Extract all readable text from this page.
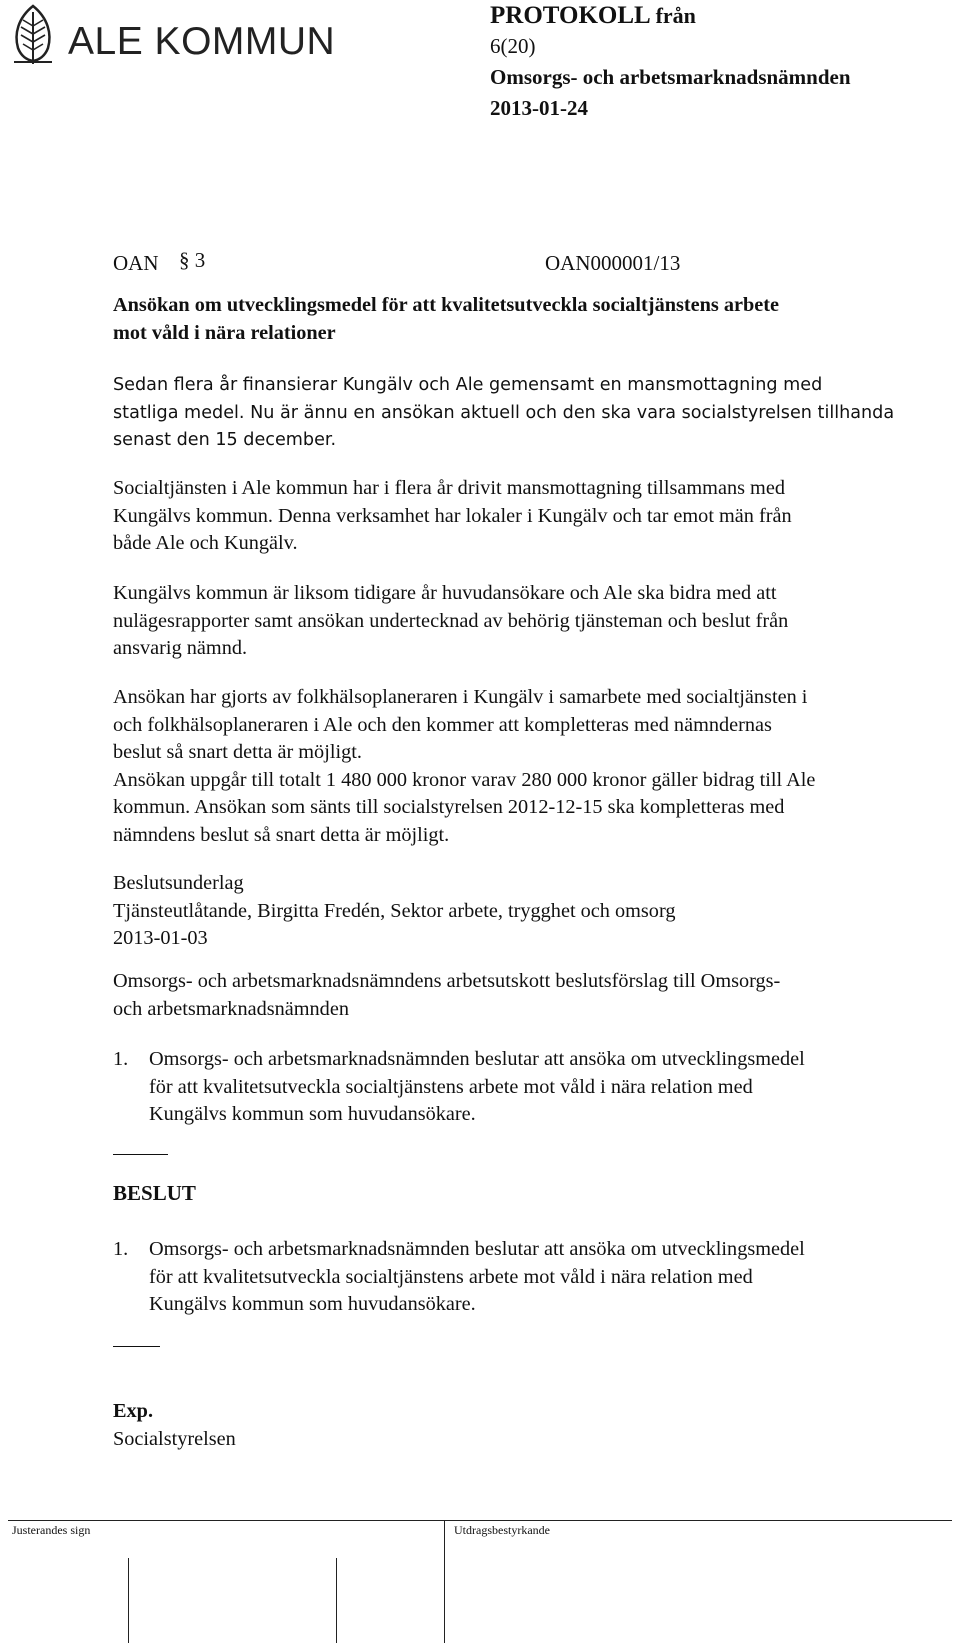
ALE KOMMUN
PROTOKOLL från
6(20)
Omsorgs- och arbetsmarknadsnämnden
2013-01-24
OAN § 3	OAN000001/13
Ansökan om utvecklingsmedel för att kvalitetsutveckla socialtjänstens arbete
mot våld i nära relationer
Sedan flera år finansierar Kungälv och Ale gemensamt en mansmottagning med
statliga medel. Nu är ännu en ansökan aktuell och den ska vara socialstyrelsen tillhanda
senast den 15 december.
Socialtjänsten i Ale kommun har i flera år drivit mansmottagning tillsammans med
Kungälvs kommun. Denna verksamhet har lokaler i Kungälv och tar emot män från
både Ale och Kungälv.
Kungälvs kommun är liksom tidigare år huvudansökare och Ale ska bidra med att
nulägesrapporter samt ansökan undertecknad av behörig tjänsteman och beslut från
ansvarig nämnd.
Ansökan har gjorts av folkhälsoplaneraren i Kungälv i samarbete med socialtjänsten i
och folkhälsoplaneraren i Ale och den kommer att kompletteras med nämndernas
beslut så snart detta är möjligt.
Ansökan uppgår till totalt 1 480 000 kronor varav 280 000 kronor gäller bidrag till Ale
kommun. Ansökan som sänts till socialstyrelsen 2012-12-15 ska kompletteras med
nämndens beslut så snart detta är möjligt.
Beslutsunderlag
Tjänsteutlåtande, Birgitta Fredén, Sektor arbete, trygghet och omsorg
2013-01-03
Omsorgs- och arbetsmarknadsnämndens arbetsutskott beslutsförslag till Omsorgs-
och arbetsmarknadsnämnden
1. Omsorgs- och arbetsmarknadsnämnden beslutar att ansöka om utvecklingsmedel
för att kvalitetsutveckla socialtjänstens arbete mot våld i nära relation med
Kungälvs kommun som huvudansökare.
BESLUT
1. Omsorgs- och arbetsmarknadsnämnden beslutar att ansöka om utvecklingsmedel
för att kvalitetsutveckla socialtjänstens arbete mot våld i nära relation med
Kungälvs kommun som huvudansökare.
Exp.
Socialstyrelsen
Justerandes sign	Utdragsbestyrkande
